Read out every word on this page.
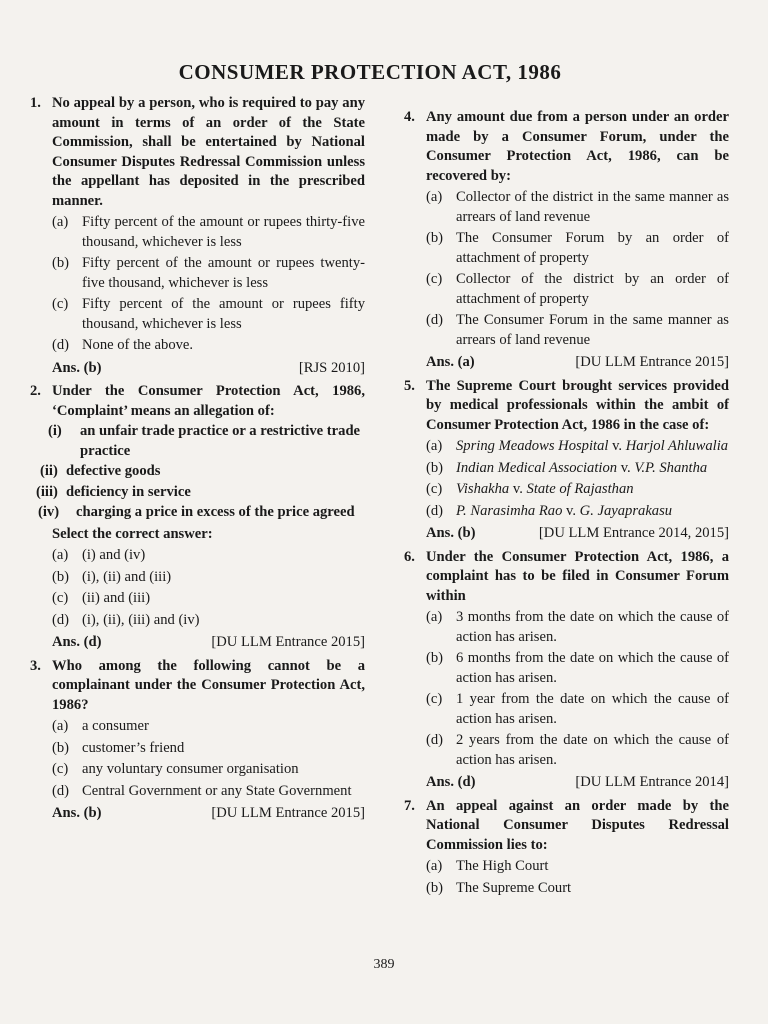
CONSUMER PROTECTION ACT, 1986
1. No appeal by a person, who is required to pay any amount in terms of an order of the State Commission, shall be entertained by National Consumer Disputes Redressal Commission unless the appellant has deposited in the prescribed manner.
(a) Fifty percent of the amount or rupees thirty-five thousand, whichever is less
(b) Fifty percent of the amount or rupees twenty-five thousand, whichever is less
(c) Fifty percent of the amount or rupees fifty thousand, whichever is less
(d) None of the above.
Ans. (b)	[RJS 2010]
2. Under the Consumer Protection Act, 1986, ‘Complaint’ means an allegation of:
(i)	an unfair trade practice or a restrictive trade practice
(ii) defective goods
(iii) deficiency in service
(iv)	charging a price in excess of the price agreed
Select the correct answer:
(a) (i) and (iv)
(b) (i), (ii) and (iii)
(c) (ii) and (iii)
(d) (i), (ii), (iii) and (iv)
Ans. (d)	[DU LLM Entrance 2015]
3. Who among the following cannot be a complainant under the Consumer Protection Act, 1986?
(a) a consumer
(b) customer’s friend
(c) any voluntary consumer organisation
(d) Central Government or any State Government
Ans. (b)	[DU LLM Entrance 2015]
4. Any amount due from a person under an order made by a Consumer Forum, under the Consumer Protection Act, 1986, can be recovered by:
(a) Collector of the district in the same manner as arrears of land revenue
(b) The Consumer Forum by an order of attachment of property
(c) Collector of the district by an order of attachment of property
(d) The Consumer Forum in the same manner as arrears of land revenue
Ans. (a)	[DU LLM Entrance 2015]
5. The Supreme Court brought services provided by medical professionals within the ambit of Consumer Protection Act, 1986 in the case of:
(a) Spring Meadows Hospital v. Harjol Ahluwalia
(b) Indian Medical Association v. V.P. Shantha
(c) Vishakha v. State of Rajasthan
(d) P. Narasimha Rao v. G. Jayaprakasu
Ans. (b)	[DU LLM Entrance 2014, 2015]
6. Under the Consumer Protection Act, 1986, a complaint has to be filed in Consumer Forum within
(a) 3 months from the date on which the cause of action has arisen.
(b) 6 months from the date on which the cause of action has arisen.
(c) 1 year from the date on which the cause of action has arisen.
(d) 2 years from the date on which the cause of action has arisen.
Ans. (d)	[DU LLM Entrance 2014]
7. An appeal against an order made by the National Consumer Disputes Redressal Commission lies to:
(a) The High Court
(b) The Supreme Court
389
